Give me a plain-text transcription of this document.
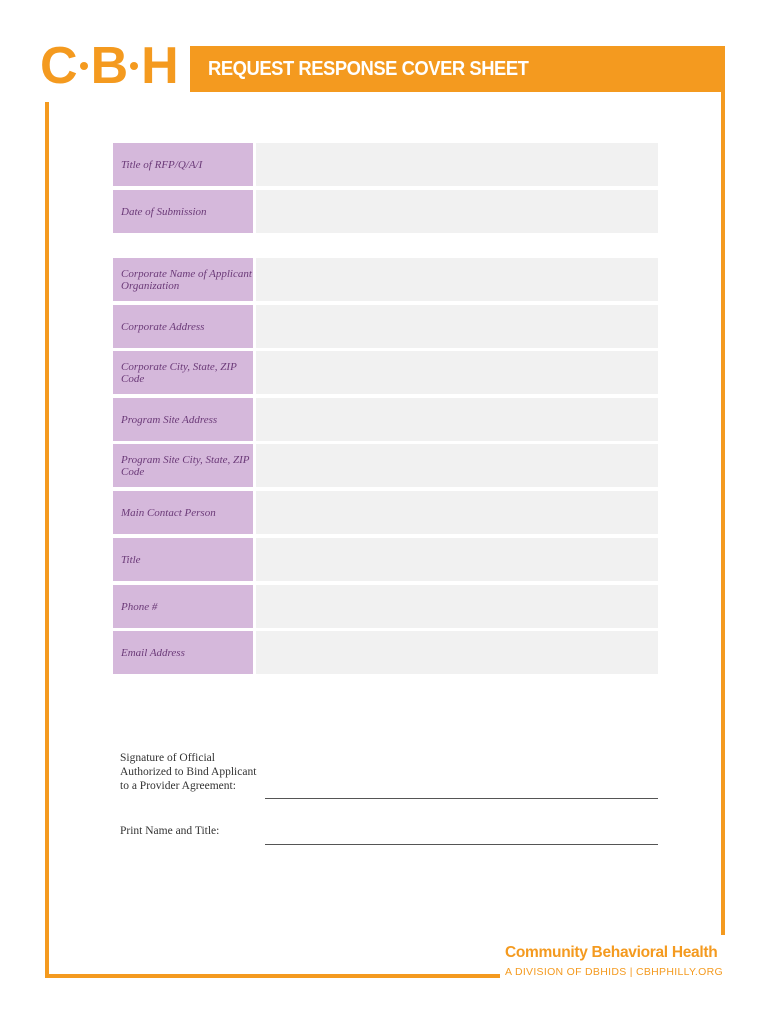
C B H REQUEST RESPONSE COVER SHEET
Title of RFP/Q/A/I
Date of Submission
Corporate Name of Applicant Organization
Corporate Address
Corporate City, State, ZIP Code
Program Site Address
Program Site City, State, ZIP Code
Main Contact Person
Title
Phone #
Email Address
Signature of Official Authorized to Bind Applicant to a Provider Agreement:
Print Name and Title:
Community Behavioral Health
A DIVISION OF DBHIDS | CBHPHILLY.ORG
